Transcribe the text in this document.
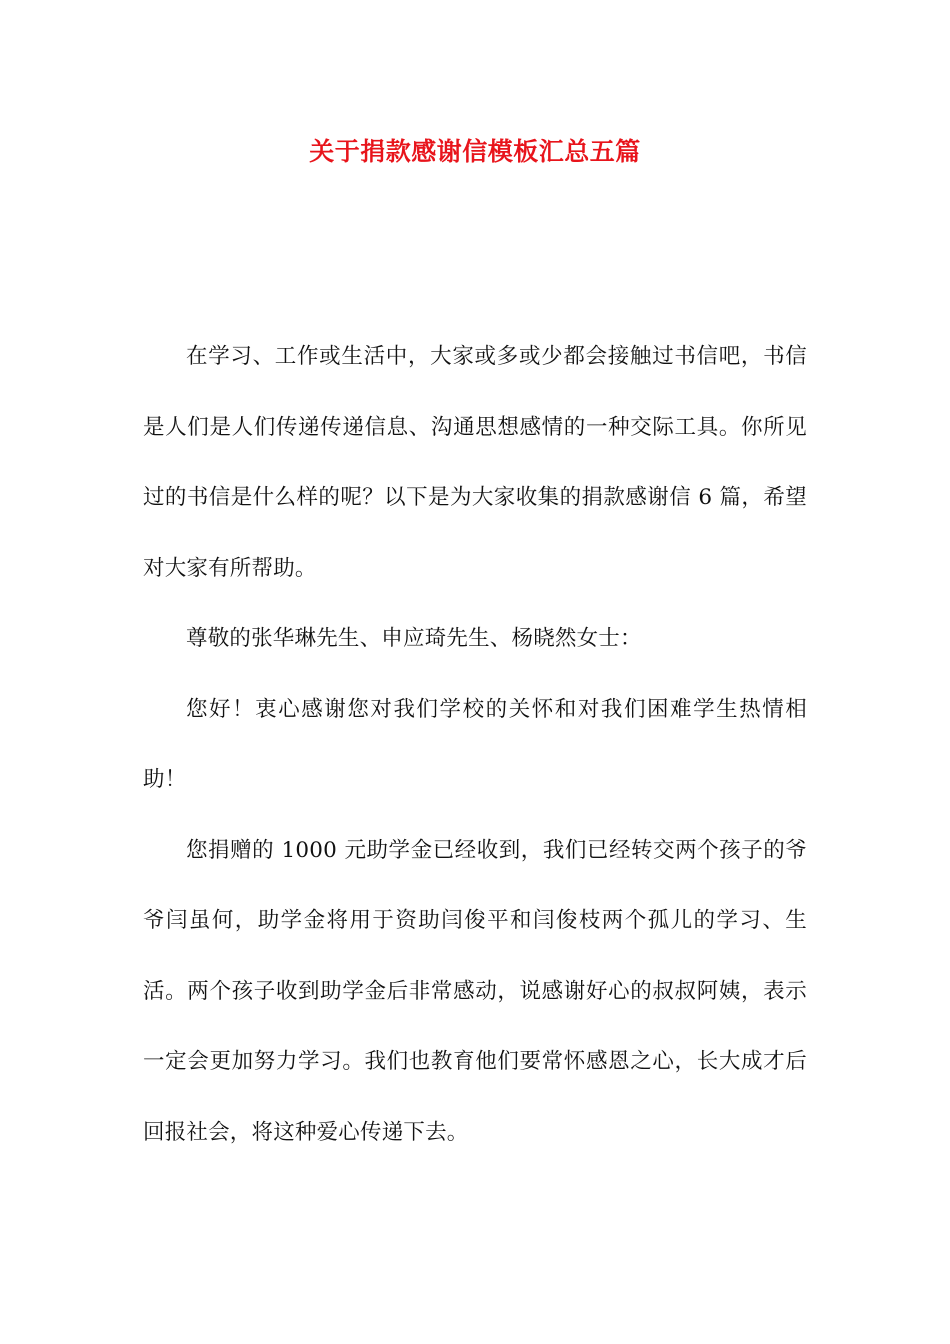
关于捐款感谢信模板汇总五篇

在学习、工作或生活中，大家或多或少都会接触过书信吧，书信是人们是人们传递传递信息、沟通思想感情的一种交际工具。你所见过的书信是什么样的呢？以下是为大家收集的捐款感谢信 6 篇，希望对大家有所帮助。

尊敬的张华琳先生、申应琦先生、杨晓然女士：

您好！衷心感谢您对我们学校的关怀和对我们困难学生热情相助！

您捐赠的 1000 元助学金已经收到，我们已经转交两个孩子的爷爷闫虽何，助学金将用于资助闫俊平和闫俊枝两个孤儿的学习、生活。两个孩子收到助学金后非常感动，说感谢好心的叔叔阿姨，表示一定会更加努力学习。我们也教育他们要常怀感恩之心，长大成才后回报社会，将这种爱心传递下去。
